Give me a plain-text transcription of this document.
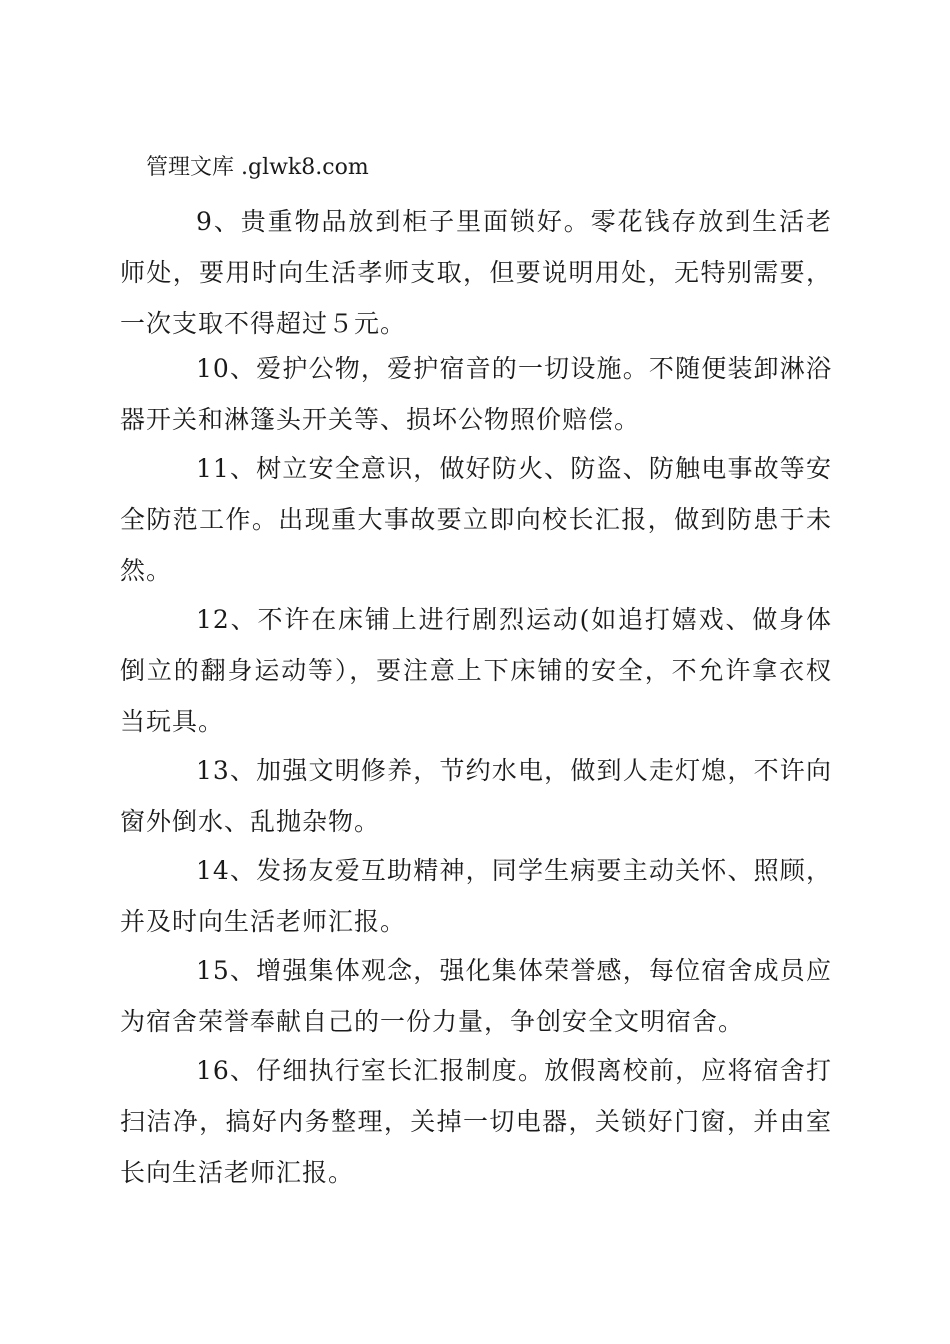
管理文库 .glwk8.com

9、贵重物品放到柜子里面锁好。零花钱存放到生活老师处，要用时向生活孝师支取，但要说明用处，无特别需要，一次支取不得超过５元。

10、爱护公物，爱护宿音的一切设施。不随便装卸淋浴器开关和淋篷头开关等、损坏公物照价赔偿。

11、树立安全意识，做好防火、防盗、防触电事故等安全防范工作。出现重大事故要立即向校长汇报，做到防患于未然。

12、不许在床铺上进行剧烈运动(如追打嬉戏、做身体倒立的翻身运动等），要注意上下床铺的安全，不允许拿衣杈当玩具。

13、加强文明修养，节约水电，做到人走灯熄，不许向窗外倒水、乱抛杂物。

14、发扬友爱互助精神，同学生病要主动关怀、照顾，并及时向生活老师汇报。

15、增强集体观念，强化集体荣誉感，每位宿舍成员应为宿舍荣誉奉献自己的一份力量，争创安全文明宿舍。

16、仔细执行室长汇报制度。放假离校前，应将宿舍打扫洁净，搞好内务整理，关掉一切电器，关锁好门窗，并由室长向生活老师汇报。
